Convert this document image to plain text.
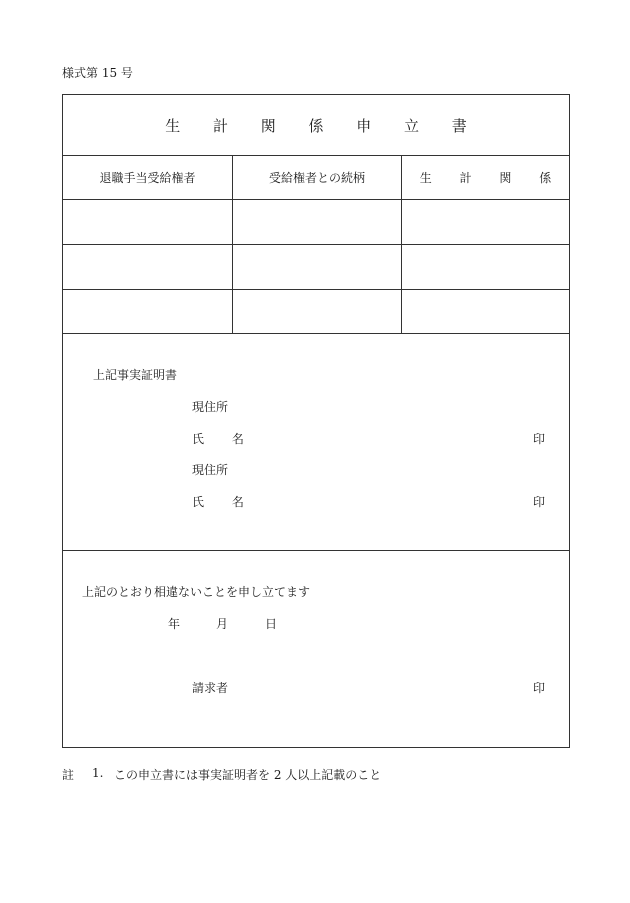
様式第 15 号
生 計 関 係 申 立 書
退職手当受給権者	受給権者との続柄	生 計 関 係
上記事実証明書
現住所
氏 名	印
現住所
氏 名	印
上記のとおり相違ないことを申し立てます
年	月	日
請求者	印
註	1. この申立書には事実証明者を 2 人以上記載のこと
